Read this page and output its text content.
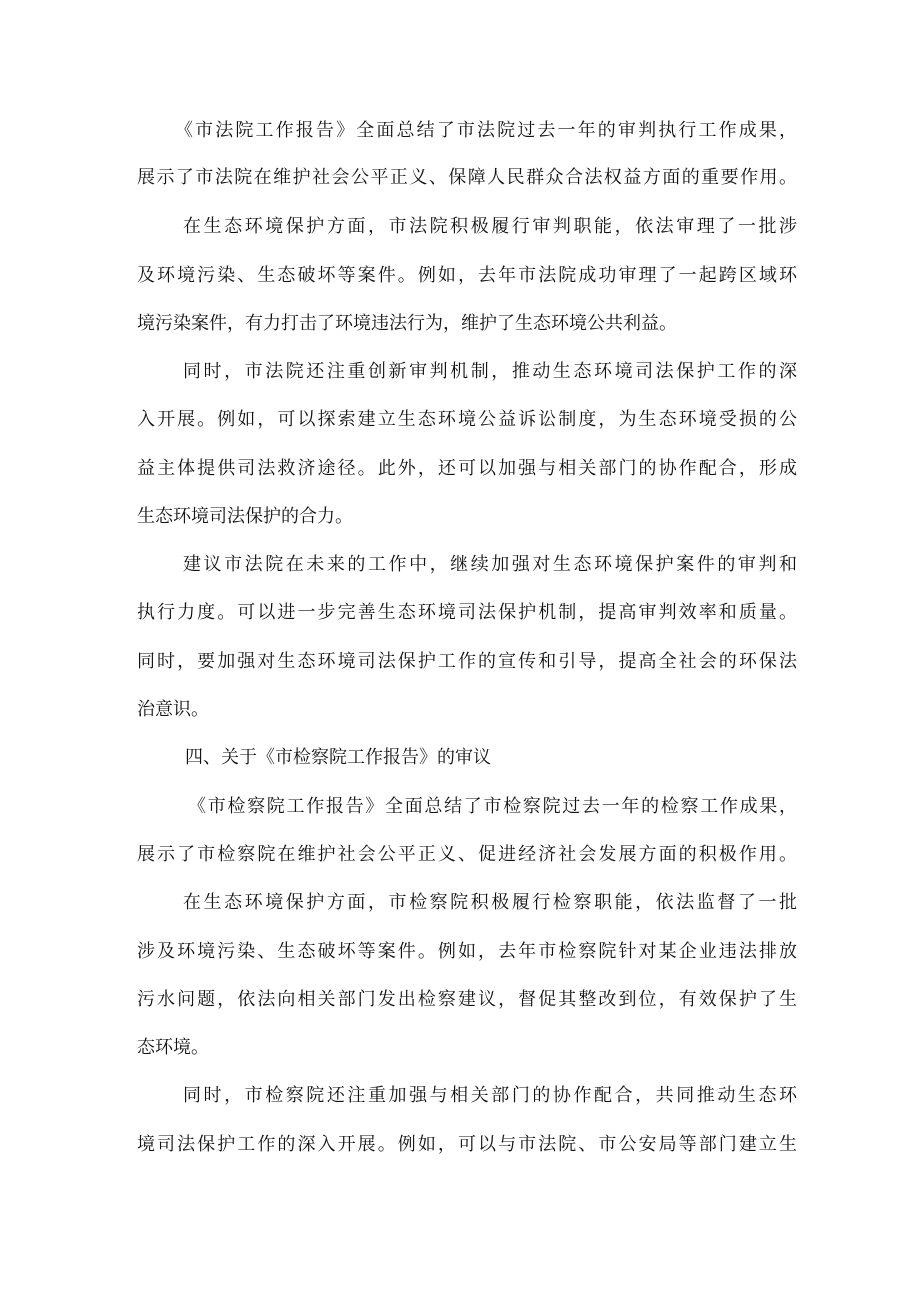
《市法院工作报告》全面总结了市法院过去一年的审判执行工作成果，
展示了市法院在维护社会公平正义、保障人民群众合法权益方面的重要作用。
在生态环境保护方面，市法院积极履行审判职能，依法审理了一批涉
及环境污染、生态破坏等案件。例如，去年市法院成功审理了一起跨区域环
境污染案件，有力打击了环境违法行为，维护了生态环境公共利益。
同时，市法院还注重创新审判机制，推动生态环境司法保护工作的深
入开展。例如，可以探索建立生态环境公益诉讼制度，为生态环境受损的公
益主体提供司法救济途径。此外，还可以加强与相关部门的协作配合，形成
生态环境司法保护的合力。
建议市法院在未来的工作中，继续加强对生态环境保护案件的审判和
执行力度。可以进一步完善生态环境司法保护机制，提高审判效率和质量。
同时，要加强对生态环境司法保护工作的宣传和引导，提高全社会的环保法
治意识。
四、关于《市检察院工作报告》的审议
《市检察院工作报告》全面总结了市检察院过去一年的检察工作成果，
展示了市检察院在维护社会公平正义、促进经济社会发展方面的积极作用。
在生态环境保护方面，市检察院积极履行检察职能，依法监督了一批
涉及环境污染、生态破坏等案件。例如，去年市检察院针对某企业违法排放
污水问题，依法向相关部门发出检察建议，督促其整改到位，有效保护了生
态环境。
同时，市检察院还注重加强与相关部门的协作配合，共同推动生态环
境司法保护工作的深入开展。例如，可以与市法院、市公安局等部门建立生
